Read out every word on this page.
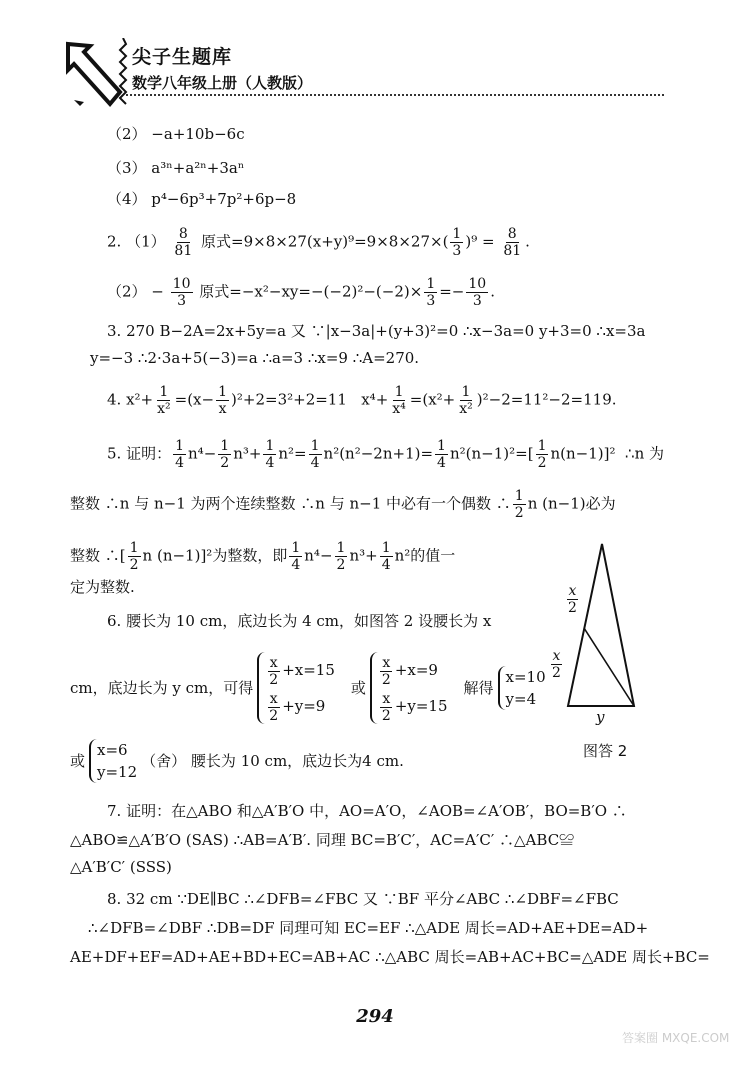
尖子生题库
数学八年级上册（人教版）
（2） −a+10b−6c
（3） a³ⁿ+a²ⁿ+3aⁿ
（4） p⁴−6p³+7p²+6p−8
2. $(1) \frac{8}{81}$ 原式$=9\times 8\times 27(x+y)^9=9\times 8\times 27\times( \frac{1}{3} )^9 = \frac{8}{81}$ .
$(2) - \frac{10}{3}$ 原式$=-x^2-xy=-(-2)^2-(-2)\times \frac{1}{3} =- \frac{10}{3}$ .
3. 270 B−2A=2x+5y=a 又 ∵|x−3a|+(y+3)²=0 ∴x−3a=0 y+3=0 ∴x=3a
y=−3 ∴2·3a+5(−3)=a ∴a=3 ∴x=9 ∴A=270.
4. $x^2+ \frac{1}{\text{x²}} =(x- \frac{1}{x} )^2+2=3^2+2=11$ $x^4+ \frac{1}{\text{x⁴}} =(x^2+ \frac{1}{\text{x²}} )^2-2=11^2-2=119$.
5. 证明： $\frac{1}{4} n^4- \frac{1}{2} n^3+ \frac{1}{4} n^2= \frac{1}{4} n^2(n^2-2n+1)= \frac{1}{4} n^2(n-1)^2=[ \frac{1}{2} n(n-1)]^2$ ∴n 为
整数 ∴n 与 n−1 为两个连续整数 ∴n 与 n−1 中必有一个偶数 ∴ $\frac{1}{2}$ n (n−1)必为
整数 ∴[ $\frac{1}{2}$ n (n−1)]²为整数，即 $\frac{1}{4} n^4- \frac{1}{2} n^3+ \frac{1}{4} n^2$的值一
定为整数.
6. 腰长为 10 cm，底边长为 4 cm，如图答 2 设腰长为 x
cm，底边长为 y cm，可得
$\frac{x}{2} +x=15$
$\frac{x}{2} +y=9$
或
$\frac{x}{2} +x=9$
$\frac{x}{2} +y=15$
解得
x=10
y=4
或
x=6
y=12
（舍） 腰长为 10 cm，底边长为4 cm.
7. 证明：在△ABO 和△A′B′O 中，AO=A′O，∠AOB=∠A′OB′，BO=B′O ∴
△ABO≌△A′B′O (SAS) ∴AB=A′B′. 同理 BC=B′C′，AC=A′C′ ∴△ABC≌
△A′B′C′ (SSS)
8. 32 cm ∵DE∥BC ∴∠DFB=∠FBC 又 ∵BF 平分∠ABC ∴∠DBF=∠FBC
∴∠DFB=∠DBF ∴DB=DF 同理可知 EC=EF ∴△ADE 周长=AD+AE+DE=AD+
AE+DF+EF=AD+AE+BD+EC=AB+AC ∴△ABC 周长=AB+AC+BC=△ADE 周长+BC=
$\frac{x}{2}$
$\frac{x}{2}$
y
图答 2
294
答案圈 MXQE.COM
